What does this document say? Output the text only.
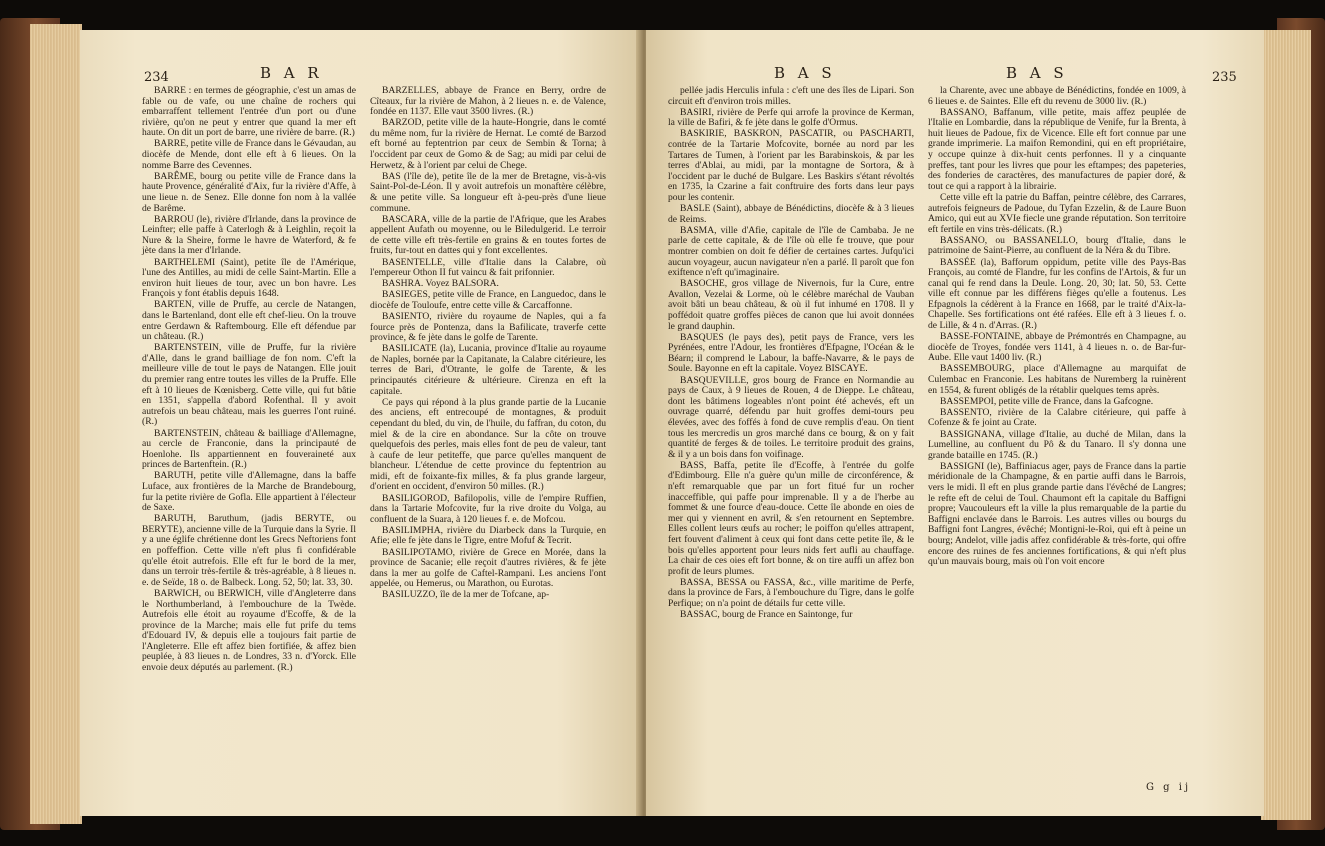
234	B A R

BARRE : en termes de géographie, c'est un amas de fable ou de vafe, ou une chaîne de rochers qui embarraffent tellement l'entrée d'un port ou d'une rivière, qu'on ne peut y entrer que quand la mer eft haute. On dit un port de barre, une rivière de barre. (R.)

BARRE, petite ville de France dans le Gévaudan, au diocèfe de Mende, dont elle eft à 6 lieues. On la nomme Barre des Cevennes.

BARÊME, bourg ou petite ville de France dans la haute Provence, généralité d'Aix, fur la rivière d'Affe, à une lieue n. de Senez. Elle donne fon nom à la vallée de Barême.

BARROU (le), rivière d'Irlande, dans la province de Leinfter; elle paffe à Caterlogh & à Leighlin, reçoit la Nure & la Sheire, forme le havre de Waterford, & fe jète dans la mer d'Irlande.

BARTHELEMI (Saint), petite île de l'Amérique, l'une des Antilles, au midi de celle Saint-Martin. Elle a environ huit lieues de tour, avec un bon havre. Les François y font établis depuis 1648.

BARTEN, ville de Pruffe, au cercle de Natangen, dans le Bartenland, dont elle eft chef-lieu. On la trouve entre Gerdawn & Raftembourg. Elle eft défendue par un château. (R.)

BARTENSTEIN, ville de Pruffe, fur la rivière d'Alle, dans le grand bailliage de fon nom. C'eft la meilleure ville de tout le pays de Natangen. Elle jouit du premier rang entre toutes les villes de la Pruffe. Elle eft à 10 lieues de Kœnisberg. Cette ville, qui fut bâtie en 1351, s'appella d'abord Rofenthal. Il y avoit autrefois un beau château, mais les guerres l'ont ruiné. (R.)

BARTENSTEIN, château & bailliage d'Allemagne, au cercle de Franconie, dans la principauté de Hoenlohe. Ils appartiennent en fouveraineté aux princes de Bartenftein. (R.)

BARUTH, petite ville d'Allemagne, dans la baffe Luface, aux frontières de la Marche de Brandebourg, fur la petite rivière de Gofla. Elle appartient à l'électeur de Saxe.

BARUTH, Baruthum, (jadis BERYTE, ou BERYTE), ancienne ville de la Turquie dans la Syrie. Il y a une églife chrétienne dont les Grecs Neftoriens font en poffeffion. Cette ville n'eft plus fi confidérable qu'elle étoit autrefois. Elle eft fur le bord de la mer, dans un terroir très-fertile & très-agréable, à 8 lieues n. e. de Seïde, 18 o. de Balbeck. Long. 52, 50; lat. 33, 30.

BARWICH, ou BERWICH, ville d'Angleterre dans le Northumberland, à l'embouchure de la Twède. Autrefois elle étoit au royaume d'Ecoffe, & de la province de la Marche; mais elle fut prife du tems d'Edouard IV, & depuis elle a toujours fait partie de l'Angleterre. Elle eft affez bien fortifiée, & affez bien peuplée, à 83 lieues n. de Londres, 33 n. d'Yorck. Elle envoie deux députés au parlement. (R.)

BARZELLES, abbaye de France en Berry, ordre de Cîteaux, fur la rivière de Mahon, à 2 lieues n. e. de Valence, fondée en 1137. Elle vaut 3500 livres. (R.)

BARZOD, petite ville de la haute-Hongrie, dans le comté du même nom, fur la rivière de Hernat. Le comté de Barzod eft borné au feptentrion par ceux de Sembin & Torna; à l'occident par ceux de Gomo & de Sag; au midi par celui de Herwetz, & à l'orient par celui de Chege.

BAS (l'île de), petite île de la mer de Bretagne, vis-à-vis Saint-Pol-de-Léon. Il y avoit autrefois un monaftère célèbre, & une petite ville. Sa longueur eft à-peu-près d'une lieue commune.

BASCARA, ville de la partie de l'Afrique, que les Arabes appellent Aufath ou moyenne, ou le Biledulgerid. Le terroir de cette ville eft très-fertile en grains & en toutes fortes de fruits, fur-tout en dattes qui y font excellentes.

BASENTELLE, ville d'Italie dans la Calabre, où l'empereur Othon II fut vaincu & fait prifonnier.

BASHRA. Voyez BALSORA.

BASIEGES, petite ville de France, en Languedoc, dans le diocèfe de Touloufe, entre cette ville & Carcaffonne.

BASIENTO, rivière du royaume de Naples, qui a fa fource près de Pontenza, dans la Bafilicate, traverfe cette province, & fe jète dans le golfe de Tarente.

BASILICATE (la), Lucania, province d'Italie au royaume de Naples, bornée par la Capitanate, la Calabre citérieure, les terres de Bari, d'Otrante, le golfe de Tarente, & les principautés citérieure & ultérieure. Cirenza en eft la capitale.

Ce pays qui répond à la plus grande partie de la Lucanie des anciens, eft entrecoupé de montagnes, & produit cependant du bled, du vin, de l'huile, du faffran, du coton, du miel & de la cire en abondance. Sur la côte on trouve quelquefois des perles, mais elles font de peu de valeur, tant à caufe de leur petiteffe, que parce qu'elles manquent de blancheur. L'étendue de cette province du feptentrion au midi, eft de foixante-fix milles, & fa plus grande largeur, d'orient en occident, d'environ 50 milles. (R.)

BASILIGOROD, Bafilopolis, ville de l'empire Ruffien, dans la Tartarie Mofcovite, fur la rive droite du Volga, au confluent de la Suara, à 120 lieues f. e. de Mofcou.

BASILIMPHA, rivière du Diarbeck dans la Turquie, en Afie; elle fe jète dans le Tigre, entre Mofuf & Tecrit.

BASILIPOTAMO, rivière de Grece en Morée, dans la province de Sacanie; elle reçoit d'autres rivières, & fe jète dans la mer au golfe de Caftel-Rampani. Les anciens l'ont appelée, ou Hemerus, ou Marathon, ou Eurotas.

BASILUZZO, île de la mer de Tofcane, ap-

B A S	B A S	235

pellée jadis Herculis infula : c'eft une des îles de Lipari. Son circuit eft d'environ trois milles.

BASIRI, rivière de Perfe qui arrofe la province de Kerman, la ville de Bafiri, & fe jète dans le golfe d'Ormus.

BASKIRIE, BASKRON, PASCATIR, ou PASCHARTI, contrée de la Tartarie Mofcovite, bornée au nord par les Tartares de Tumen, à l'orient par les Barabinskois, & par les terres d'Ablai, au midi, par la montagne de Sortora, & à l'occident par le duché de Bulgare. Les Baskirs s'étant révoltés en 1735, la Czarine a fait conftruire des forts dans leur pays pour les contenir.

BASLE (Saint), abbaye de Bénédictins, diocèfe & à 3 lieues de Reims.

BASMA, ville d'Afie, capitale de l'île de Cambaba. Je ne parle de cette capitale, & de l'île où elle fe trouve, que pour montrer combien on doit fe défier de certaines cartes. Jufqu'ici aucun voyageur, aucun navigateur n'en a parlé. Il paroît que fon exiftence n'eft qu'imaginaire.

BASOCHE, gros village de Nivernois, fur la Cure, entre Avallon, Vezelai & Lorme, où le célèbre maréchal de Vauban avoit bâti un beau château, & où il fut inhumé en 1708. Il y poffédoit quatre groffes pièces de canon que lui avoit données le grand dauphin.

BASQUES (le pays des), petit pays de France, vers les Pyrénées, entre l'Adour, les frontières d'Efpagne, l'Océan & le Béarn; il comprend le Labour, la baffe-Navarre, & le pays de Soule. Bayonne en eft la capitale. Voyez BISCAYE.

BASQUEVILLE, gros bourg de France en Normandie au pays de Caux, à 9 lieues de Rouen, 4 de Dieppe. Le château, dont les bâtimens logeables n'ont point été achevés, eft un ouvrage quarré, défendu par huit groffes demi-tours peu élevées, avec des foffés à fond de cuve remplis d'eau. On tient tous les mercredis un gros marché dans ce bourg, & on y fait quantité de ferges & de toiles. Le territoire produit des grains, & il y a un bois dans fon voifinage.

BASS, Baffa, petite île d'Ecoffe, à l'entrée du golfe d'Edimbourg. Elle n'a guère qu'un mille de circonférence, & n'eft remarquable que par un fort fitué fur un rocher inacceffible, qui paffe pour imprenable. Il y a de l'herbe au fommet & une fource d'eau-douce. Cette île abonde en oies de mer qui y viennent en avril, & s'en retournent en Septembre. Elles collent leurs œufs au rocher; le poiffon qu'elles attrapent, fert fouvent d'aliment à ceux qui font dans cette petite île, & le bois qu'elles apportent pour leurs nids fert aufli au chauffage. La chair de ces oies eft fort bonne, & on tire auffi un affez bon profit de leurs plumes.

BASSA, BESSA ou FASSA, &c., ville maritime de Perfe, dans la province de Fars, à l'embouchure du Tigre, dans le golfe Perfique; on n'a point de détails fur cette ville.

BASSAC, bourg de France en Saintonge, fur

la Charente, avec une abbaye de Bénédictins, fondée en 1009, à 6 lieues e. de Saintes. Elle eft du revenu de 3000 liv. (R.)

BASSANO, Baffanum, ville petite, mais affez peuplée de l'Italie en Lombardie, dans la république de Venife, fur la Brenta, à huit lieues de Padoue, fix de Vicence. Elle eft fort connue par une grande imprimerie. La maifon Remondini, qui en eft propriétaire, y occupe quinze à dix-huit cents perfonnes. Il y a cinquante preffes, tant pour les livres que pour les eftampes; des papeteries, des fonderies de caractères, des manufactures de papier doré, & tout ce qui a rapport à la librairie.

Cette ville eft la patrie du Baffan, peintre célèbre, des Carrares, autrefois feigneurs de Padoue, du Tyfan Ezzelin, & de Laure Buon Amico, qui eut au XVIe fiecle une grande réputation. Son territoire eft fertile en vins très-délicats. (R.)

BASSANO, ou BASSANELLO, bourg d'Italie, dans le patrimoine de Saint-Pierre, au confluent de la Néra & du Tibre.

BASSÉE (la), Bafforum oppidum, petite ville des Pays-Bas François, au comté de Flandre, fur les confins de l'Artois, & fur un canal qui fe rend dans la Deule. Long. 20, 30; lat. 50, 53. Cette ville eft connue par les différens fièges qu'elle a foutenus. Les Efpagnols la cédèrent à la France en 1668, par le traité d'Aix-la-Chapelle. Ses fortifications ont été rafées. Elle eft à 3 lieues f. o. de Lille, & 4 n. d'Arras. (R.)

BASSE-FONTAINE, abbaye de Prémontrés en Champagne, au diocèfe de Troyes, fondée vers 1141, à 4 lieues n. o. de Bar-fur-Aube. Elle vaut 1400 liv. (R.)

BASSEMBOURG, place d'Allemagne au marquifat de Culembac en Franconie. Les habitans de Nuremberg la ruinèrent en 1554, & furent obligés de la rétablir quelques tems après.

BASSEMPOI, petite ville de France, dans la Gafcogne.

BASSENTO, rivière de la Calabre citérieure, qui paffe à Cofenze & fe joint au Crate.

BASSIGNANA, village d'Italie, au duché de Milan, dans la Lumelline, au confluent du Pô & du Tanaro. Il s'y donna une grande bataille en 1745. (R.)

BASSIGNI (le), Baffiniacus ager, pays de France dans la partie méridionale de la Champagne, & en partie auffi dans le Barrois, vers le midi. Il eft en plus grande partie dans l'évêché de Langres; le refte eft de celui de Toul. Chaumont eft la capitale du Baffigni propre; Vaucouleurs eft la ville la plus remarquable de la partie du Baffigni enclavée dans le Barrois. Les autres villes ou bourgs du Baffigni font Langres, évêché; Montigni-le-Roi, qui eft à peine un bourg; Andelot, ville jadis affez confidérable & très-forte, qui offre encore des ruines de fes anciennes fortifications, & qui n'eft plus qu'un mauvais bourg, mais où l'on voit encore

G g ij
